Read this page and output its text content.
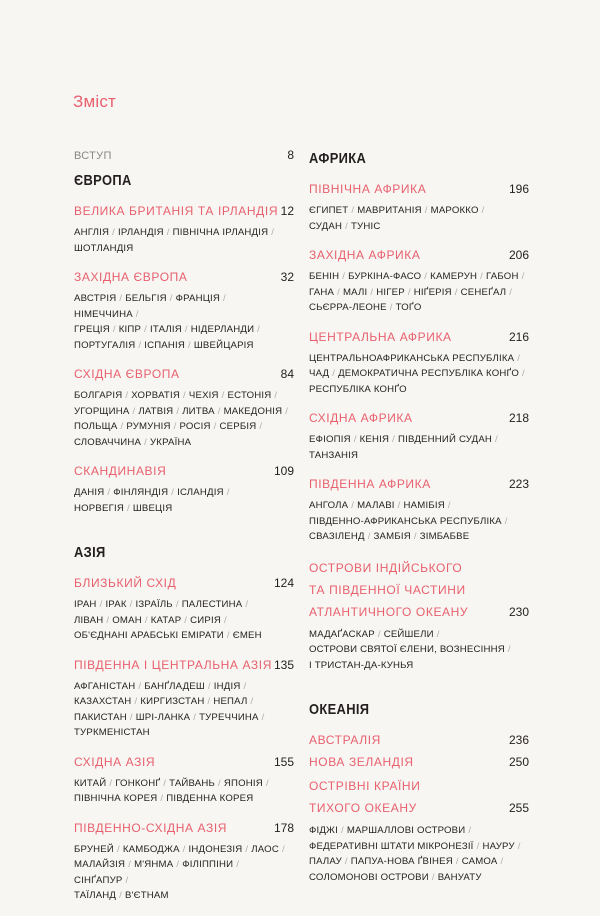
Зміст
ВСТУП	8
ЄВРОПА
ВЕЛИКА БРИТАНІЯ ТА ІРЛАНДІЯ 12
АНГЛІЯ / ІРЛАНДІЯ / ПІВНІЧНА ІРЛАНДІЯ /
ШОТЛАНДІЯ
ЗАХІДНА ЄВРОПА	32
АВСТРІЯ / БЕЛЬГІЯ / ФРАНЦІЯ /НІМЕЧЧИНА /
ГРЕЦІЯ / КІПР / ІТАЛІЯ / НІДЕРЛАНДИ /
ПОРТУГАЛІЯ / ІСПАНІЯ / ШВЕЙЦАРІЯ
СХІДНА ЄВРОПА	84
БОЛГАРІЯ / ХОРВАТІЯ / ЧЕХІЯ / ЕСТОНІЯ /
УГОРЩИНА / ЛАТВІЯ / ЛИТВА / МАКЕДОНІЯ /
ПОЛЬЩА / РУМУНІЯ / РОСІЯ / СЕРБІЯ /
СЛОВАЧЧИНА / УКРАЇНА
СКАНДИНАВІЯ	109
ДАНІЯ / ФІНЛЯНДІЯ / ІСЛАНДІЯ /
НОРВЕГІЯ / ШВЕЦІЯ
АЗІЯ
БЛИЗЬКИЙ СХІД	124
ІРАН / ІРАК / ІЗРАЇЛЬ / ПАЛЕСТИНА /
ЛІВАН / ОМАН / КАТАР / СИРІЯ /
ОБ'ЄДНАНІ АРАБСЬКІ ЕМІРАТИ / ЄМЕН
ПІВДЕННА І ЦЕНТРАЛЬНА АЗІЯ 135
АФГАНІСТАН / БАНҐЛАДЕШ / ІНДІЯ /
КАЗАХСТАН / КИРГИЗСТАН / НЕПАЛ /
ПАКИСТАН / ШРІ-ЛАНКА / ТУРЕЧЧИНА /
ТУРКМЕНІСТАН
СХІДНА АЗІЯ	155
КИТАЙ / ГОНКОНҐ / ТАЙВАНЬ / ЯПОНІЯ /
ПІВНІЧНА КОРЕЯ / ПІВДЕННА КОРЕЯ
ПІВДЕННО-СХІДНА АЗІЯ	178
БРУНЕЙ / КАМБОДЖА / ІНДОНЕЗІЯ / ЛАОС /
МАЛАЙЗІЯ / М'ЯНМА / ФІЛІППІНИ /СІНҐАПУР /
ТАЇЛАНД / В'ЄТНАМ
АФРИКА
ПІВНІЧНА АФРИКА	196
ЄГИПЕТ / МАВРИТАНІЯ / МАРОККО /
СУДАН / ТУНІС
ЗАХІДНА АФРИКА	206
БЕНІН / БУРКІНА-ФАСО / КАМЕРУН / ГАБОН /
ГАНА / МАЛІ / НІГЕР / НІҐЕРІЯ / СЕНЕҐАЛ /
СЬЄРРА-ЛЕОНЕ / ТОҐО
ЦЕНТРАЛЬНА АФРИКА	216
ЦЕНТРАЛЬНОАФРИКАНСЬКА РЕСПУБЛІКА /
ЧАД / ДЕМОКРАТИЧНА РЕСПУБЛІКА КОНҐО /
РЕСПУБЛІКА КОНҐО
СХІДНА АФРИКА	218
ЕФІОПІЯ / КЕНІЯ / ПІВДЕННИЙ СУДАН /ТАНЗАНІЯ
ПІВДЕННА АФРИКА	223
АНГОЛА / МАЛАВІ / НАМІБІЯ /
ПІВДЕННО-АФРИКАНСЬКА РЕСПУБЛІКА /
СВАЗІЛЕНД / ЗАМБІЯ / ЗІМБАБВЕ
ОСТРОВИ ІНДІЙСЬКОГО
ТА ПІВДЕННОЇ ЧАСТИНИ
АТЛАНТИЧНОГО ОКЕАНУ	230
МАДАҐАСКАР / СЕЙШЕЛИ /
ОСТРОВИ СВЯТОЇ ЄЛЕНИ, ВОЗНЕСІННЯ /
І ТРИСТАН-ДА-КУНЬЯ
ОКЕАНІЯ
АВСТРАЛІЯ	236
НОВА ЗЕЛАНДІЯ	250
ОСТРІВНІ КРАЇНИ
ТИХОГО ОКЕАНУ	255
ФІДЖІ / МАРШАЛЛОВІ ОСТРОВИ /
ФЕДЕРАТИВНІ ШТАТИ МІКРОНЕЗІЇ / НАУРУ /
ПАЛАУ / ПАПУА-НОВА ҐВІНЕЯ / САМОА /
СОЛОМОНОВІ ОСТРОВИ / ВАНУАТУ
